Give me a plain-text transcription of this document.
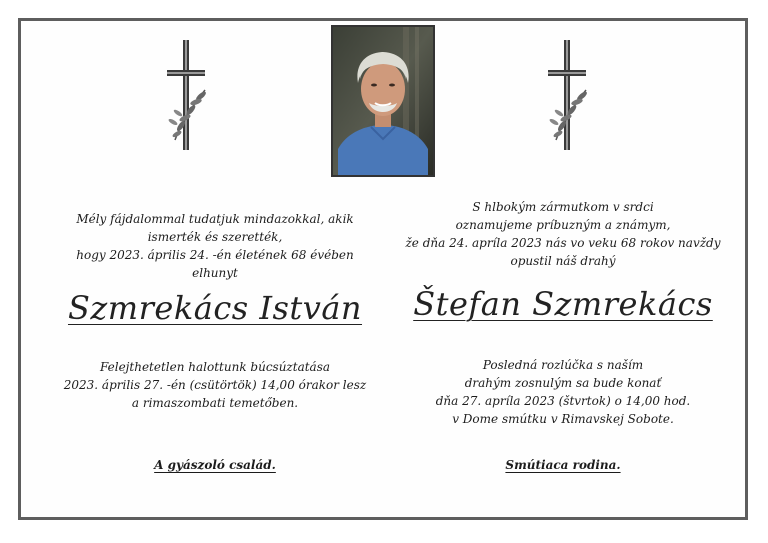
Mély fájdalommal tudatjuk mindazokkal, akik
ismerték és szerették,
hogy 2023. április 24. -én életének 68 évében
elhunyt
Szmrekács István
Felejthetetlen halottunk búcsúztatása
2023. április 27. -én (csütörtök) 14,00 órakor lesz
a rimaszombati temetőben.
A gyászoló család.
S hlbokým zármutkom v srdci
oznamujeme príbuzným a známym,
že dňa 24. apríla 2023 nás vo veku 68 rokov navždy
opustil náš drahý
Štefan Szmrekács
Posledná rozlúčka s naším
drahým zosnulým sa bude konať
dňa 27. apríla 2023 (štvrtok) o 14,00 hod.
v Dome smútku v Rimavskej Sobote.
Smútiaca rodina.
